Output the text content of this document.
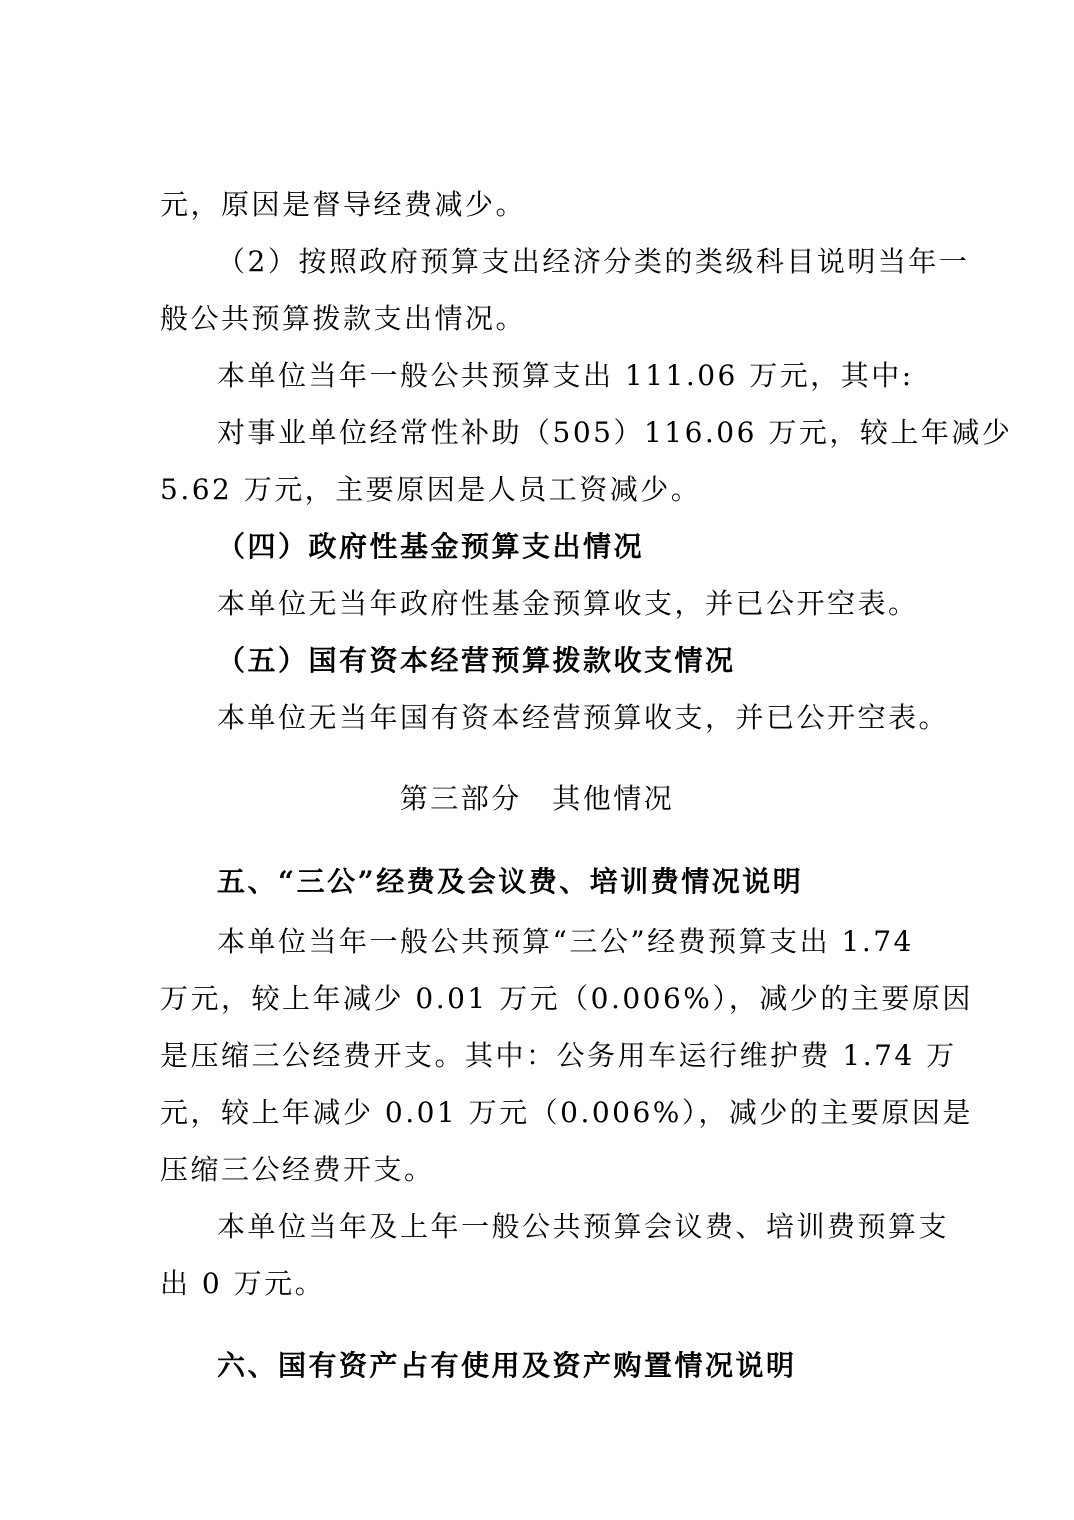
元，原因是督导经费减少。
（2）按照政府预算支出经济分类的类级科目说明当年一
般公共预算拨款支出情况。
本单位当年一般公共预算支出 111.06 万元，其中:
对事业单位经常性补助（505）116.06 万元，较上年减少
5.62 万元，主要原因是人员工资减少。
（四）政府性基金预算支出情况
本单位无当年政府性基金预算收支，并已公开空表。
（五）国有资本经营预算拨款收支情况
本单位无当年国有资本经营预算收支，并已公开空表。
第三部分　其他情况
五、“三公”经费及会议费、培训费情况说明
本单位当年一般公共预算“三公”经费预算支出 1.74
万元，较上年减少 0.01 万元（0.006%），减少的主要原因
是压缩三公经费开支。其中：公务用车运行维护费 1.74 万
元，较上年减少 0.01 万元（0.006%），减少的主要原因是
压缩三公经费开支。
本单位当年及上年一般公共预算会议费、培训费预算支
出 0 万元。
六、国有资产占有使用及资产购置情况说明
